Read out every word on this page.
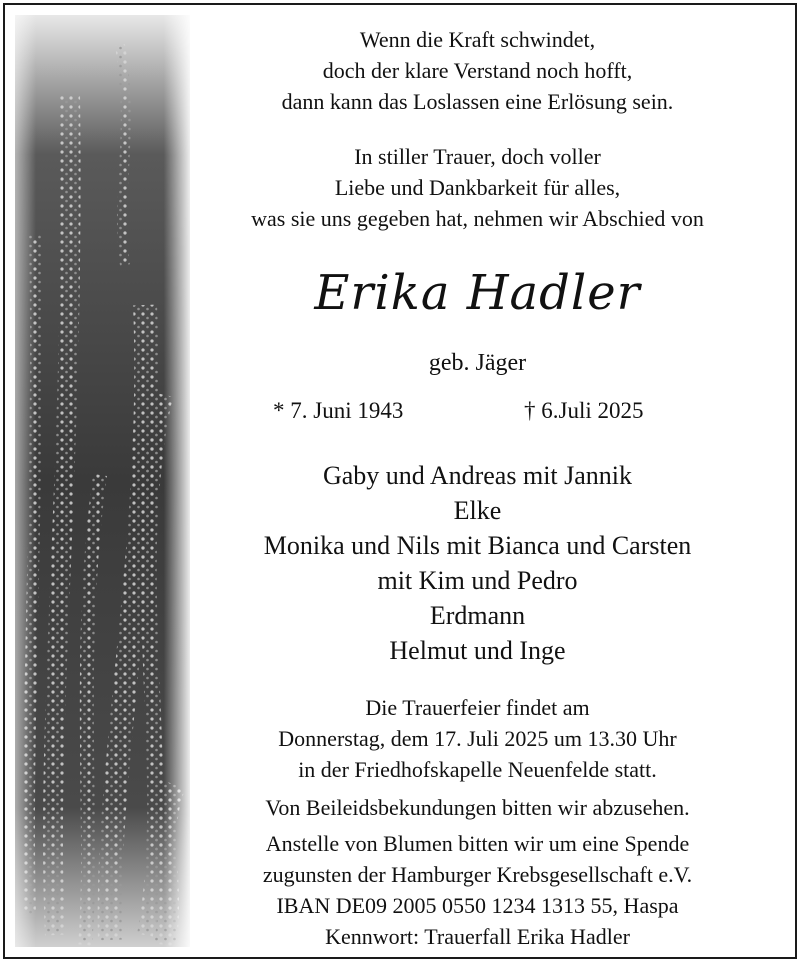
Wenn die Kraft schwindet,
doch der klare Verstand noch hofft,
dann kann das Loslassen eine Erlösung sein.
In stiller Trauer, doch voller
Liebe und Dankbarkeit für alles,
was sie uns gegeben hat, nehmen wir Abschied von
Erika Hadler
geb. Jäger
* 7. Juni 1943	† 6.Juli 2025
Gaby und Andreas mit Jannik
Elke
Monika und Nils mit Bianca und Carsten
mit Kim und Pedro
Erdmann
Helmut und Inge
Die Trauerfeier findet am
Donnerstag, dem 17. Juli 2025 um 13.30 Uhr
in der Friedhofskapelle Neuenfelde statt.
Von Beileidsbekundungen bitten wir abzusehen.
Anstelle von Blumen bitten wir um eine Spende
zugunsten der Hamburger Krebsgesellschaft e.V.
IBAN DE09 2005 0550 1234 1313 55, Haspa
Kennwort: Trauerfall Erika Hadler
